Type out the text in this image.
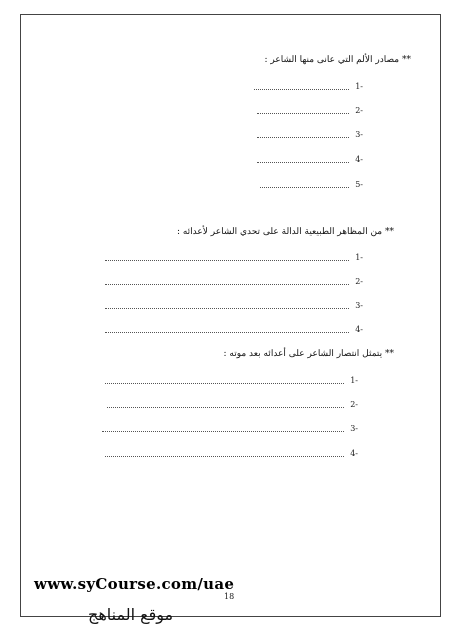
** مصادر الألم التي عانى منها الشاعر :
1-
2-
3-
4-
5-
** من المظاهر الطبيعية الدالة على تحدي الشاعر لأعدائه :
1-
2-
3-
4-
** يتمثل انتصار الشاعر على أعدائه بعد موته :
1-
2-
3-
4-
www.syCourse.com/uae
18
موقع المناهج
